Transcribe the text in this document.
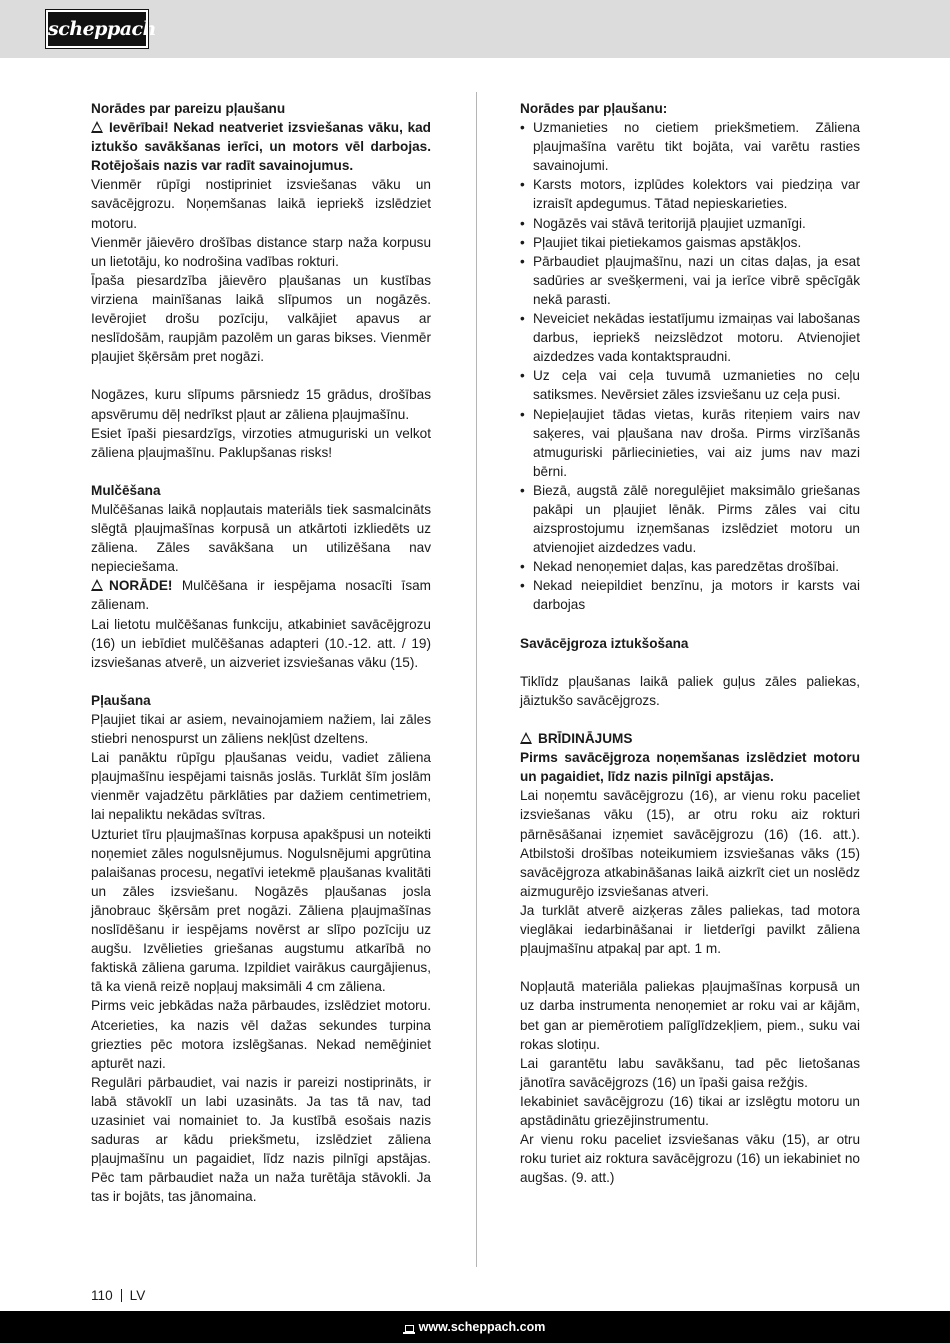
scheppach

Norādes par pareizu pļaušanu

Ievērībai! Nekad neatveriet izsviešanas vāku, kad iztukšo savākšanas ierīci, un motors vēl darbojas. Rotējošais nazis var radīt savainojumus.

Vienmēr rūpīgi nostipriniet izsviešanas vāku un savācējgrozu. Noņemšanas laikā iepriekš izslēdziet motoru.

Vienmēr jāievēro drošības distance starp naža korpusu un lietotāju, ko nodrošina vadības rokturi.

Īpaša piesardzība jāievēro pļaušanas un kustības virziena mainīšanas laikā slīpumos un nogāzēs. Ievērojiet drošu pozīciju, valkājiet apavus ar neslīdošām, raupjām pazolēm un garas bikses. Vienmēr pļaujiet šķērsām pret nogāzi.

Nogāzes, kuru slīpums pārsniedz 15 grādus, drošības apsvērumu dēļ nedrīkst pļaut ar zāliena pļaujmašīnu.

Esiet īpaši piesardzīgs, virzoties atmuguriski un velkot zāliena pļaujmašīnu. Paklupšanas risks!

Mulčēšana

Mulčēšanas laikā nopļautais materiāls tiek sasmalcināts slēgtā pļaujmašīnas korpusā un atkārtoti izkliedēts uz zāliena. Zāles savākšana un utilizēšana nav nepieciešama.

NORĀDE! Mulčēšana ir iespējama nosacīti īsam zālienam.

Lai lietotu mulčēšanas funkciju, atkabiniet savācējgrozu (16) un iebīdiet mulčēšanas adapteri (10.-12. att. / 19) izsviešanas atverē, un aizveriet izsviešanas vāku (15).

Pļaušana

Pļaujiet tikai ar asiem, nevainojamiem nažiem, lai zāles stiebri nenospurst un zāliens nekļūst dzeltens.

Lai panāktu rūpīgu pļaušanas veidu, vadiet zāliena pļaujmašīnu iespējami taisnās joslās. Turklāt šīm joslām vienmēr vajadzētu pārklāties par dažiem centimetriem, lai nepaliktu nekādas svītras.

Uzturiet tīru pļaujmašīnas korpusa apakšpusi un noteikti noņemiet zāles nogulsnējumus. Nogulsnējumi apgrūtina palaišanas procesu, negatīvi ietekmē pļaušanas kvalitāti un zāles izsviešanu. Nogāzēs pļaušanas josla jānobrauc šķērsām pret nogāzi. Zāliena pļaujmašīnas noslīdēšanu ir iespējams novērst ar slīpo pozīciju uz augšu. Izvēlieties griešanas augstumu atkarībā no faktiskā zāliena garuma. Izpildiet vairākus caurgājienus, tā ka vienā reizē nopļauj maksimāli 4 cm zāliena.

Pirms veic jebkādas naža pārbaudes, izslēdziet motoru. Atcerieties, ka nazis vēl dažas sekundes turpina griezties pēc motora izslēgšanas. Nekad nemēģiniet apturēt nazi.

Regulāri pārbaudiet, vai nazis ir pareizi nostiprināts, ir labā stāvoklī un labi uzasināts. Ja tas tā nav, tad uzasiniet vai nomainiet to. Ja kustībā esošais nazis saduras ar kādu priekšmetu, izslēdziet zāliena pļaujmašīnu un pagaidiet, līdz nazis pilnīgi apstājas. Pēc tam pārbaudiet naža un naža turētāja stāvokli. Ja tas ir bojāts, tas jānomaina.

Norādes par pļaušanu:

• Uzmanieties no cietiem priekšmetiem. Zāliena pļaujmašīna varētu tikt bojāta, vai varētu rasties savainojumi.
• Karsts motors, izplūdes kolektors vai piedziņa var izraisīt apdegumus. Tātad nepieskarieties.
• Nogāzēs vai stāvā teritorijā pļaujiet uzmanīgi.
• Pļaujiet tikai pietiekamos gaismas apstākļos.
• Pārbaudiet pļaujmašīnu, nazi un citas daļas, ja esat sadūries ar svešķermeni, vai ja ierīce vibrē spēcīgāk nekā parasti.
• Neveiciet nekādas iestatījumu izmaiņas vai labošanas darbus, iepriekš neizslēdzot motoru. Atvienojiet aizdedzes vada kontaktspraudni.
• Uz ceļa vai ceļa tuvumā uzmanieties no ceļu satiksmes. Nevērsiet zāles izsviešanu uz ceļa pusi.
• Nepieļaujiet tādas vietas, kurās riteņiem vairs nav saķeres, vai pļaušana nav droša. Pirms virzīšanās atmuguriski pārliecinieties, vai aiz jums nav mazi bērni.
• Biezā, augstā zālē noregulējiet maksimālo griešanas pakāpi un pļaujiet lēnāk. Pirms zāles vai citu aizsprostojumu izņemšanas izslēdziet motoru un atvienojiet aizdedzes vadu.
• Nekad nenoņemiet daļas, kas paredzētas drošībai.
• Nekad neiepildiet benzīnu, ja motors ir karsts vai darbojas

Savācējgroza iztukšošana

Tiklīdz pļaušanas laikā paliek guļus zāles paliekas, jāiztukšo savācējgrozs.

BRĪDINĀJUMS

Pirms savācējgroza noņemšanas izslēdziet motoru un pagaidiet, līdz nazis pilnīgi apstājas.

Lai noņemtu savācējgrozu (16), ar vienu roku paceliet izsviešanas vāku (15), ar otru roku aiz rokturi pārnēsāšanai izņemiet savācējgrozu (16) (16. att.). Atbilstoši drošības noteikumiem izsviešanas vāks (15) savācējgroza atkabināšanas laikā aizkrīt ciet un noslēdz aizmugurējo izsviešanas atveri.

Ja turklāt atverē aizķeras zāles paliekas, tad motora vieglākai iedarbināšanai ir lietderīgi pavilkt zāliena pļaujmašīnu atpakaļ par apt. 1 m.

Nopļautā materiāla paliekas pļaujmašīnas korpusā un uz darba instrumenta nenoņemiet ar roku vai ar kājām, bet gan ar piemērotiem palīglīdzekļiem, piem., suku vai rokas slotiņu.

Lai garantētu labu savākšanu, tad pēc lietošanas jānotīra savācējgrozs (16) un īpaši gaisa režģis.

Iekabiniet savācējgrozu (16) tikai ar izslēgtu motoru un apstādinātu griezējinstrumentu.

Ar vienu roku paceliet izsviešanas vāku (15), ar otru roku turiet aiz roktura savācējgrozu (16) un iekabiniet no augšas. (9. att.)

110 LV
www.scheppach.com
